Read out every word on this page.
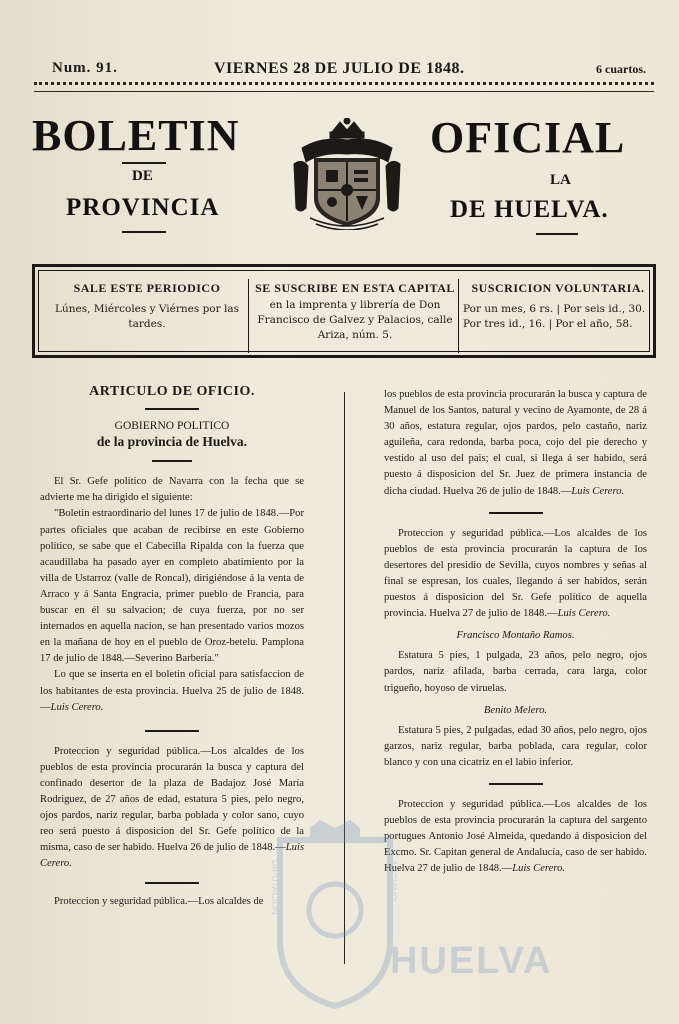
Num. 91.	VIERNES 28 DE JULIO DE 1848.	6 cuartos.
BOLETIN
DE
PROVINCIA
OFICIAL
LA
DE HUELVA.
SALE ESTE PERIODICO
Lúnes, Miércoles y Viérnes por las tardes.
SE SUSCRIBE EN ESTA CAPITAL
en la imprenta y librería de Don Francisco de Galvez y Palacios, calle Ariza, núm. 5.
SUSCRICION VOLUNTARIA.
Por un mes, 6 rs. | Por seis id., 30.
Por tres id., 16. | Por el año, 58.
ARTICULO DE OFICIO.
GOBIERNO POLITICO
de la provincia de Huelva.

El Sr. Gefe político de Navarra con la fecha que se advierte me ha dirigido el siguiente:

"Boletin estraordinario del lunes 17 de julio de 1848.—Por partes oficiales que acaban de recibirse en este Gobierno político, se sabe que el Cabecilla Ripalda con la fuerza que acaudillaba ha pasado ayer en completo abatimiento por la villa de Ustarroz (valle de Roncal), dirigiéndose á la venta de Arraco y á Santa Engracia, primer pueblo de Francia, para buscar en él su salvacion; de cuya fuerza, por no ser internados en aquella nacion, se han presentado varios mozos en la mañana de hoy en el pueblo de Oroz-betelu. Pamplona 17 de julio de 1848.—Severino Barbería."

Lo que se inserta en el boletin oficial para satisfaccion de los habitantes de esta provincia. Huelva 25 de julio de 1848.—Luis Cerero.

Proteccion y seguridad pública.—Los alcaldes de los pueblos de esta provincia procurarán la busca y captura del confinado desertor de la plaza de Badajoz José María Rodriguez, de 27 años de edad, estatura 5 pies, pelo negro, ojos pardos, nariz regular, barba poblada y color sano, cuyo reo será puesto á disposicion del Sr. Gefe político de la misma, caso de ser habido. Huelva 26 de julio de 1848.—Luis Cerero.

Proteccion y seguridad pública.—Los alcaldes de

los pueblos de esta provincia procurarán la busca y captura de Manuel de los Santos, natural y vecino de Ayamonte, de 28 á 30 años, estatura regular, ojos pardos, pelo castaño, nariz aguileña, cara redonda, barba poca, cojo del pie derecho y vestido al uso del pais; el cual, si llega á ser habido, será puesto á disposicion del Sr. Juez de primera instancia de dicha ciudad. Huelva 26 de julio de 1848.—Luis Cerero.

Proteccion y seguridad pública.—Los alcaldes de los pueblos de esta provincia procurarán la captura de los desertores del presidio de Sevilla, cuyos nombres y señas al final se espresan, los cuales, llegando á ser habidos, serán puestos á disposicion del Sr. Gefe político de aquella provincia. Huelva 27 de julio de 1848.—Luis Cerero.

Francisco Montaño Ramos.

Estatura 5 pies, 1 pulgada, 23 años, pelo negro, ojos pardos, nariz afilada, barba cerrada, cara larga, color trigueño, hoyoso de viruelas.

Benito Melero.

Estatura 5 pies, 2 pulgadas, edad 30 años, pelo negro, ojos garzos, nariz regular, barba poblada, cara regular, color blanco y con una cicatriz en el labio inferior.

Proteccion y seguridad pública.—Los alcaldes de los pueblos de esta provincia procurarán la captura del sargento portugues Antonio José Almeida, quedando á disposicion del Excmo. Sr. Capitan general de Andalucía, caso de ser habido. Huelva 27 de julio de 1848.—Luis Cerero.

DIPUTACION	ARCHIVO
HUELVA
